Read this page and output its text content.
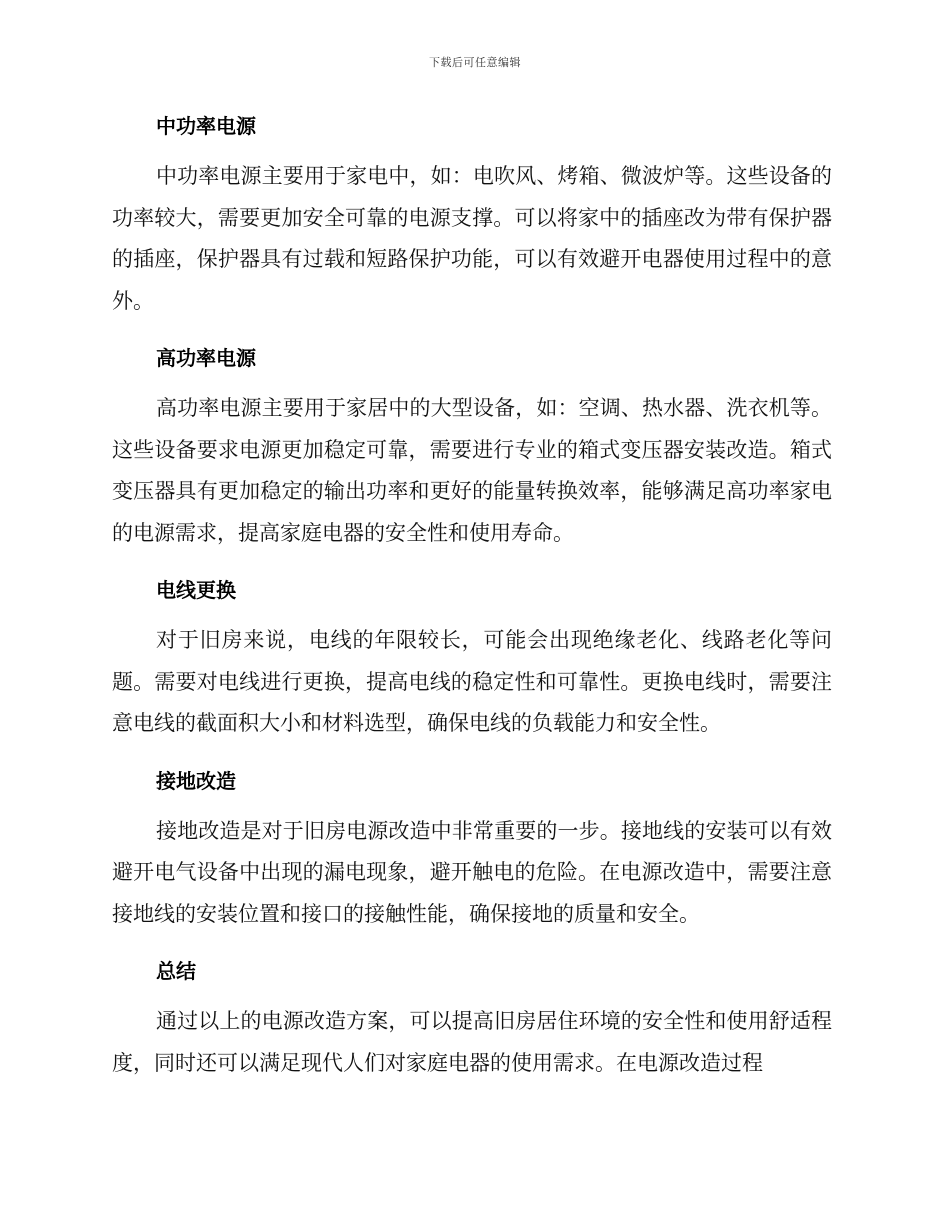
下载后可任意编辑
中功率电源

中功率电源主要用于家电中，如：电吹风、烤箱、微波炉等。这些设备的功率较大，需要更加安全可靠的电源支撑。可以将家中的插座改为带有保护器的插座，保护器具有过载和短路保护功能，可以有效避开电器使用过程中的意外。

高功率电源

高功率电源主要用于家居中的大型设备，如：空调、热水器、洗衣机等。这些设备要求电源更加稳定可靠，需要进行专业的箱式变压器安装改造。箱式变压器具有更加稳定的输出功率和更好的能量转换效率，能够满足高功率家电的电源需求，提高家庭电器的安全性和使用寿命。

电线更换

对于旧房来说，电线的年限较长，可能会出现绝缘老化、线路老化等问题。需要对电线进行更换，提高电线的稳定性和可靠性。更换电线时，需要注意电线的截面积大小和材料选型，确保电线的负载能力和安全性。

接地改造

接地改造是对于旧房电源改造中非常重要的一步。接地线的安装可以有效避开电气设备中出现的漏电现象，避开触电的危险。在电源改造中，需要注意接地线的安装位置和接口的接触性能，确保接地的质量和安全。

总结

通过以上的电源改造方案，可以提高旧房居住环境的安全性和使用舒适程度，同时还可以满足现代人们对家庭电器的使用需求。在电源改造过程
